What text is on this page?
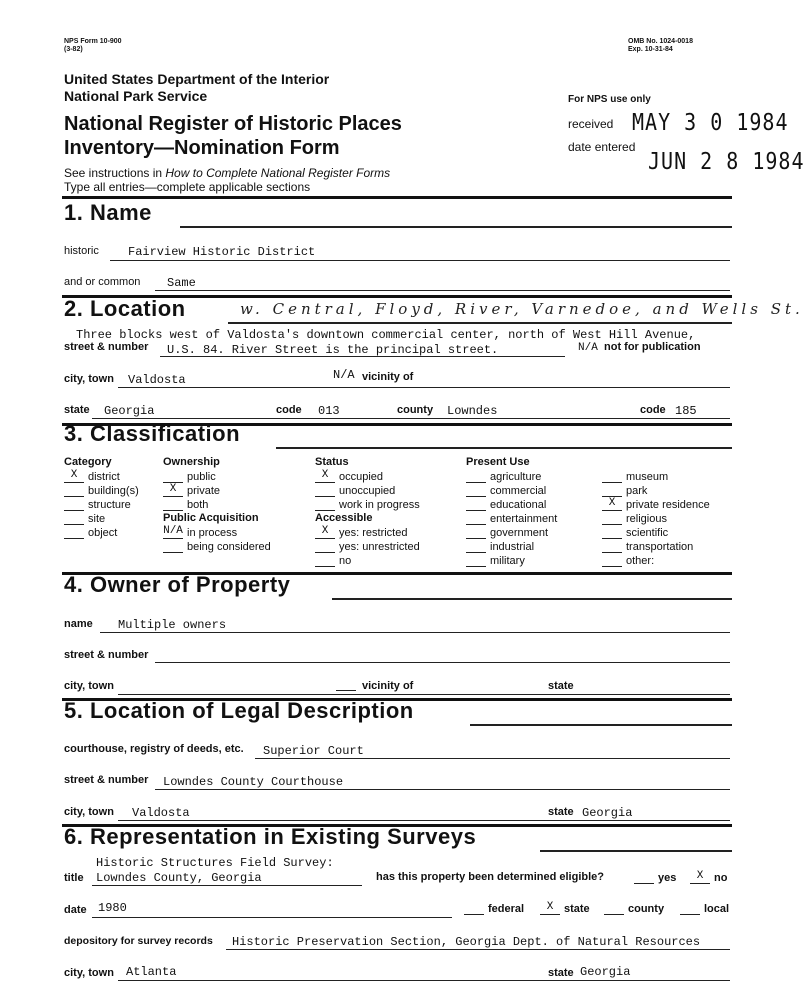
NPS Form 10-900
(3-82)
OMB No. 1024-0018
Exp. 10-31-84
United States Department of the Interior
National Park Service	For NPS use only
National Register of Historic Places
Inventory—Nomination Form
received MAY 3 0 1984
date entered
JUN 2 8 1984
See instructions in How to Complete National Register Forms
Type all entries—complete applicable sections
1. Name
historic Fairview Historic District
and or common Same
2. Location	w. Central, Floyd, River, Varnedoe, and Wells St.
Three blocks west of Valdosta's downtown commercial center, north of West Hill Avenue,
street & number U.S. 84. River Street is the principal street.	N/A not for publication
city, town Valdosta	N/A vicinity of
state Georgia	code 013	county Lowndes	code 185
3. Classification
Category	Ownership	Status	Present Use
X district
building(s)
structure
site
object
public
X private
both
Public Acquisition
N/A in process
being considered
X occupied
unoccupied
work in progress
Accessible
X yes: restricted
yes: unrestricted
no
agriculture
commercial
educational
entertainment
government
industrial
military
museum
park
X private residence
religious
scientific
transportation
other:
4. Owner of Property
name Multiple owners
street & number
city, town	vicinity of	state
5. Location of Legal Description
courthouse, registry of deeds, etc. Superior Court
street & number Lowndes County Courthouse
city, town Valdosta	state Georgia
6. Representation in Existing Surveys
Historic Structures Field Survey:
title Lowndes County, Georgia	has this property been determined eligible?	yes	X no
date 1980	federal	X state	county	local
depository for survey records Historic Preservation Section, Georgia Dept. of Natural Resources
city, town Atlanta	state Georgia
